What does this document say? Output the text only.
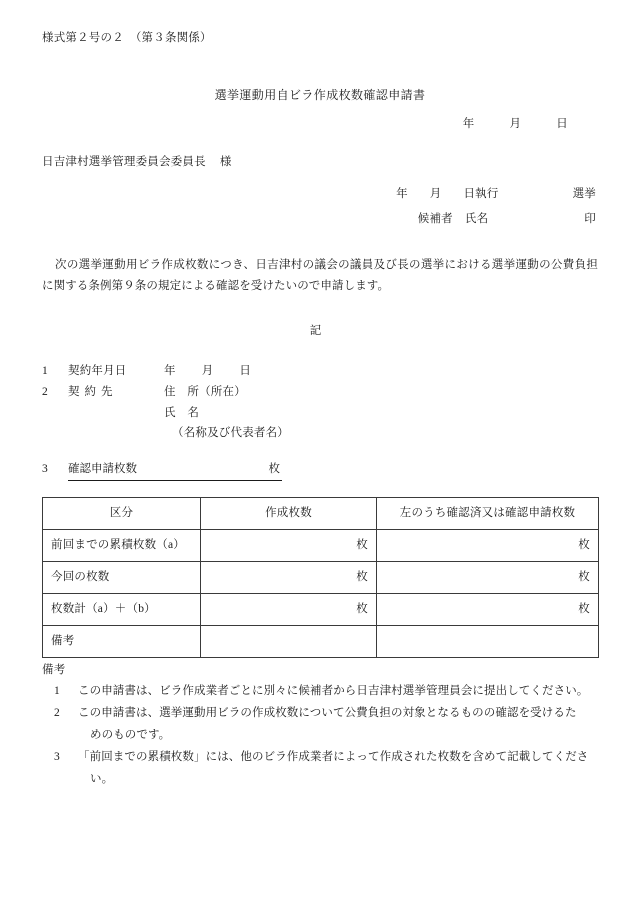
様式第２号の２　（第３条関係）
選挙運動用自ビラ作成枚数確認申請書
年　　　月　　　日
日吉津村選挙管理委員会委員長 様
年 月 日執行	選挙
候補者 氏名	印

次の選挙運動用ビラ作成枚数につき、日吉津村の議会の議員及び長の選挙における選挙運動の公費負担に関する条例第９条の規定による確認を受けたいので申請します。

記
1	契約年月日	年 月 日
2	契約先	住　所（所在）
氏　名
（名称及び代表者名）
3	確認申請枚数	枚
区分	作成枚数	左のうち確認済又は確認申請枚数
前回までの累積枚数（a）	枚	枚
今回の枚数	枚	枚
枚数計（a）＋（b）	枚	枚
備考		
備考
1	この申請書は、ビラ作成業者ごとに別々に候補者から日吉津村選挙管理員会に提出してください。
2	この申請書は、選挙運動用ビラの作成枚数について公費負担の対象となるものの確認を受けるた
めのものです。
3	「前回までの累積枚数」には、他のビラ作成業者によって作成された枚数を含めて記載してくださ
い。
